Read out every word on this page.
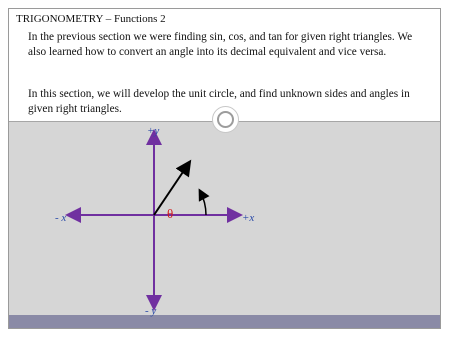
TRIGONOMETRY – Functions 2
In the previous section we were finding sin, cos, and tan for given right triangles. We also learned how to convert an angle into its decimal equivalent and vice versa.
In this section, we will develop the unit circle, and find unknown sides and angles in given right triangles.
+y
- y
- x	+x
θ
